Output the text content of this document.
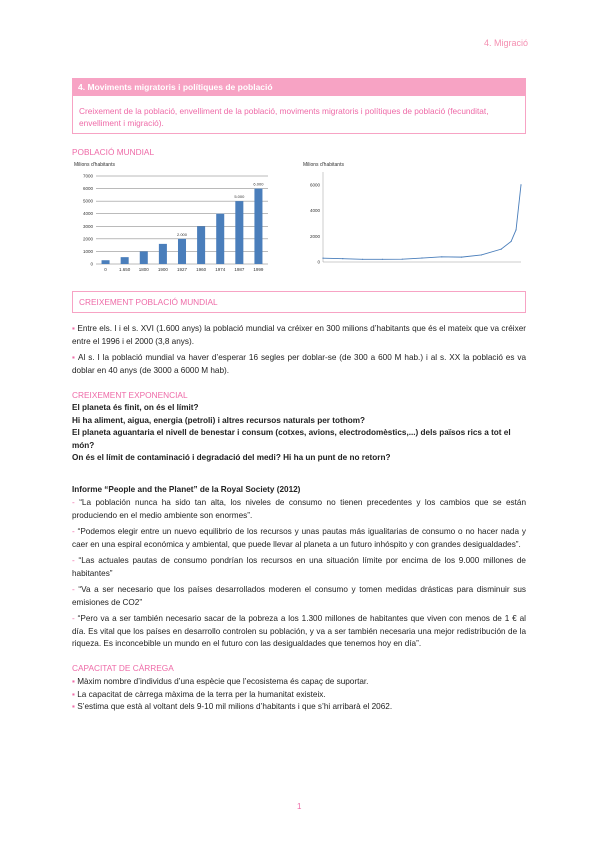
4. Migració
4. Moviments migratoris i polítiques de població
Creixement de la població, envelliment de la població, moviments migratoris i polítiques de població (fecunditat, envelliment i migració).
POBLACIÓ MUNDIAL
Milions d'habitants
0
1000
2000
3000
4000
5000
6000
7000
0	1.650 1800 1900 1927
2.000
1960 1974 1987
5.000
1999
6.000
Milions d'habitants
0
2000
4000
6000
CREIXEMENT POBLACIÓ MUNDIAL
▪ Entre els. I i el s. XVI (1.600 anys) la població mundial va créixer en 300 milions d’habitants que és el mateix que va créixer entre el 1996 i el 2000 (3,8 anys).
▪ Al s. I la població mundial va haver d’esperar 16 segles per doblar-se (de 300 a 600 M hab.) i al s. XX la població es va doblar en 40 anys (de 3000 a 6000 M hab).
CREIXEMENT EXPONENCIAL
El planeta és finit, on és el límit?
Hi ha aliment, aigua, energia (petroli) i altres recursos naturals per tothom?
El planeta aguantaria el nivell de benestar i consum (cotxes, avions, electrodomèstics,...) dels països rics a tot el món?
On és el límit de contaminació i degradació del medi? Hi ha un punt de no retorn?
Informe “People and the Planet” de la Royal Society (2012)
- “La población nunca ha sido tan alta, los niveles de consumo no tienen precedentes y los cambios que se están produciendo en el medio ambiente son enormes”.
- “Podemos elegir entre un nuevo equilibrio de los recursos y unas pautas más igualitarias de consumo o no hacer nada y caer en una espiral económica y ambiental, que puede llevar al planeta a un futuro inhóspito y con grandes desigualdades”.
- “Las actuales pautas de consumo pondrían los recursos en una situación límite por encima de los 9.000 millones de habitantes”
- “Va a ser necesario que los países desarrollados moderen el consumo y tomen medidas drásticas para disminuir sus emisiones de CO2”
- “Pero va a ser también necesario sacar de la pobreza a los 1.300 millones de habitantes que viven con menos de 1 € al día. Es vital que los países en desarrollo controlen su población, y va a ser también necesaria una mejor redistribución de la riqueza. Es inconcebible un mundo en el futuro con las desigualdades que tenemos hoy en día”.
CAPACITAT DE CÀRREGA
▪ Màxim nombre d’individus d’una espècie que l’ecosistema és capaç de suportar.
▪ La capacitat de càrrega màxima de la terra per la humanitat existeix.
▪ S’estima que està al voltant dels 9-10 mil milions d’habitants i que s’hi arribarà el 2062.
1
